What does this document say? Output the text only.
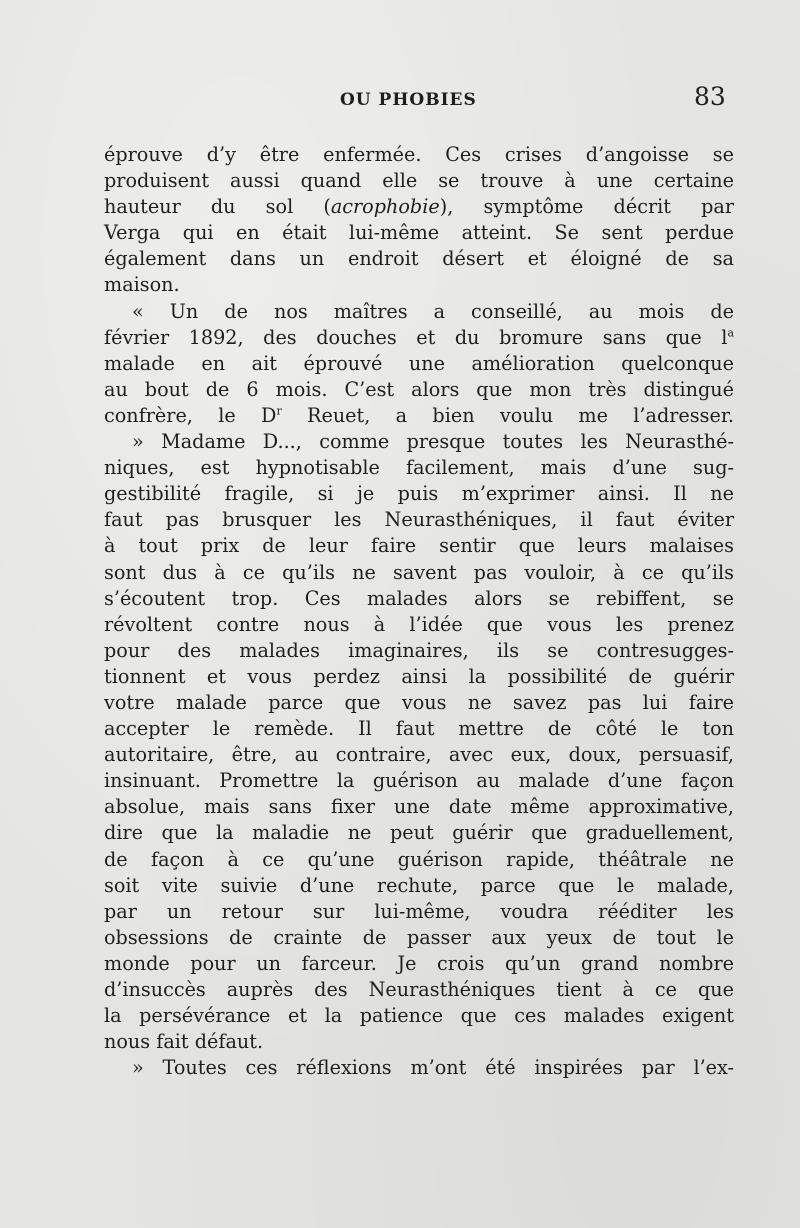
OU PHOBIES	83
éprouve d’y être enfermée. Ces crises d’angoisse se
produisent aussi quand elle se trouve à une certaine
hauteur du sol (acrophobie), symptôme décrit par
Verga qui en était lui-même atteint. Se sent perdue
également dans un endroit désert et éloigné de sa
maison.
« Un de nos maîtres a conseillé, au mois de
février 1892, des douches et du bromure sans que $l^a$
malade en ait éprouvé une amélioration quelconque
au bout de 6 mois. C’est alors que mon très distingué
confrère, le $D^r$ Reuet, a bien voulu me l’adresser.
» Madame D..., comme presque toutes les Neurasthé-
niques, est hypnotisable facilement, mais d’une sug-
gestibilité fragile, si je puis m’exprimer ainsi. Il ne
faut pas brusquer les Neurasthéniques, il faut éviter
à tout prix de leur faire sentir que leurs malaises
sont dus à ce qu’ils ne savent pas vouloir, à ce qu’ils
s’écoutent trop. Ces malades alors se rebiffent, se
révoltent contre nous à l’idée que vous les prenez
pour des malades imaginaires, ils se contresugges-
tionnent et vous perdez ainsi la possibilité de guérir
votre malade parce que vous ne savez pas lui faire
accepter le remède. Il faut mettre de côté le ton
autoritaire, être, au contraire, avec eux, doux, persuasif,
insinuant. Promettre la guérison au malade d’une façon
absolue, mais sans fixer une date même approximative,
dire que la maladie ne peut guérir que graduellement,
de façon à ce qu’une guérison rapide, théâtrale ne
soit vite suivie d’une rechute, parce que le malade,
par un retour sur lui-même, voudra rééditer les
obsessions de crainte de passer aux yeux de tout le
monde pour un farceur. Je crois qu’un grand nombre
d’insuccès auprès des Neurasthéniques tient à ce que
la persévérance et la patience que ces malades exigent
nous fait défaut.
» Toutes ces réflexions m’ont été inspirées par l’ex-
